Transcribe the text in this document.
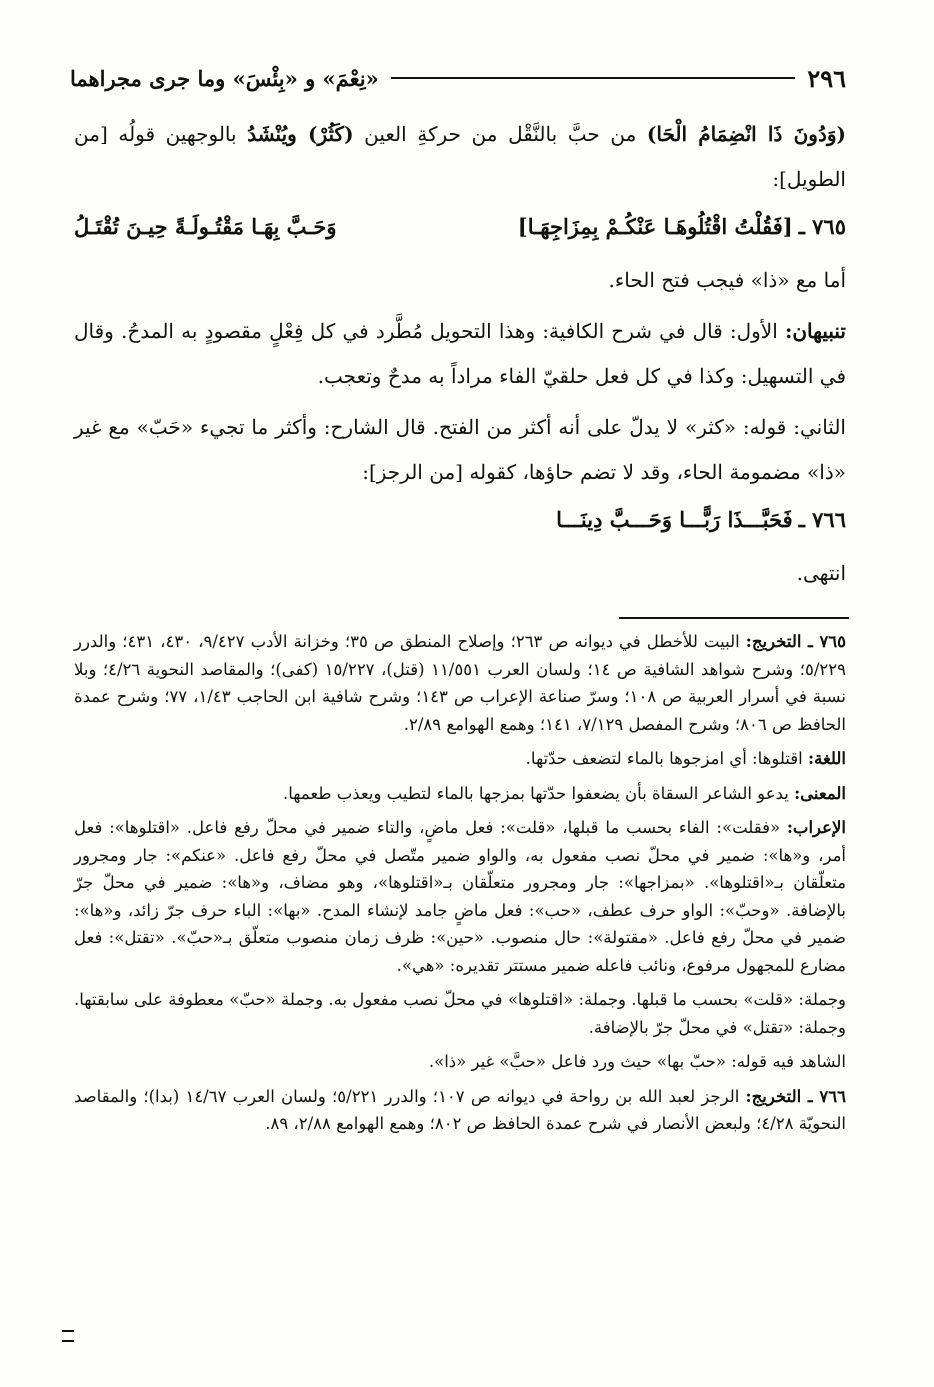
٢٩٦
«نِعْمَ» و «بِئْسَ» وما جرى مجراهما

(وَدُونَ ذَا انْضِمَامُ الْحَا) من حبَّ بالنَّقْل من حركةِ العين (كَثُرْ) ويُنْشَدُ بالوجهين قولُه [من الطويل]:

٧٦٥ ـ
[فَقُلْتُ اقْتُلُوهَـا عَنْكُـمْ بِمِزَاجِهَـا]
وَحَـبَّ بِهَـا مَقْتُـولَـةً حِيـنَ تُقْتَـلُ

أما مع «ذا» فيجب فتح الحاء.

تنبيهان: الأول: قال في شرح الكافية: وهذا التحويل مُطَّرد في كل فِعْلٍ مقصودٍ به المدحُ. وقال في التسهيل: وكذا في كل فعل حلقيّ الفاء مراداً به مدحٌ وتعجب.

الثاني: قوله: «كثر» لا يدلّ على أنه أكثر من الفتح. قال الشارح: وأكثر ما تجيء «حَبّ» مع غير «ذا» مضمومة الحاء، وقد لا تضم حاؤها، كقوله [من الرجز]:

٧٦٦ ـ
فَحَبَّـــذَا رَبًّـــا وَحَـــبَّ دِينَـــا

انتهى.

٧٦٥ ـ التخريج: البيت للأخطل في ديوانه ص ٢٦٣؛ وإصلاح المنطق ص ٣٥؛ وخزانة الأدب ٩/٤٢٧، ٤٣٠، ٤٣١؛ والدرر ٥/٢٢٩؛ وشرح شواهد الشافية ص ١٤؛ ولسان العرب ١١/٥٥١ (قتل)، ١٥/٢٢٧ (كفى)؛ والمقاصد النحوية ٤/٢٦؛ وبلا نسبة في أسرار العربية ص ١٠٨؛ وسرّ صناعة الإعراب ص ١٤٣؛ وشرح شافية ابن الحاجب ١/٤٣، ٧٧؛ وشرح عمدة الحافظ ص ٨٠٦؛ وشرح المفصل ٧/١٢٩، ١٤١؛ وهمع الهوامع ٢/٨٩.

اللغة: اقتلوها: أي امزجوها بالماء لتضعف حدّتها.

المعنى: يدعو الشاعر السقاة بأن يضعفوا حدّتها بمزجها بالماء لتطيب ويعذب طعمها.

الإعراب: «فقلت»: الفاء بحسب ما قبلها، «قلت»: فعل ماضٍ، والتاء ضمير في محلّ رفع فاعل. «اقتلوها»: فعل أمر، و«ها»: ضمير في محلّ نصب مفعول به، والواو ضمير متّصل في محلّ رفع فاعل. «عنكم»: جار ومجرور متعلّقان بـ«اقتلوها». «بمزاجها»: جار ومجرور متعلّقان بـ«اقتلوها»، وهو مضاف، و«ها»: ضمير في محلّ جرّ بالإضافة. «وحبّ»: الواو حرف عطف، «حب»: فعل ماضٍ جامد لإنشاء المدح. «بها»: الباء حرف جرّ زائد، و«ها»: ضمير في محلّ رفع فاعل. «مقتولة»: حال منصوب. «حين»: ظرف زمان منصوب متعلّق بـ«حبّ». «تقتل»: فعل مضارع للمجهول مرفوع، ونائب فاعله ضمير مستتر تقديره: «هي».

وجملة: «قلت» بحسب ما قبلها. وجملة: «اقتلوها» في محلّ نصب مفعول به. وجملة «حبّ» معطوفة على سابقتها. وجملة: «تقتل» في محلّ جرّ بالإضافة.

الشاهد فيه قوله: «حبّ بها» حيث ورد فاعل «حبَّ» غير «ذا».

٧٦٦ ـ التخريج: الرجز لعبد الله بن رواحة في ديوانه ص ١٠٧؛ والدرر ٥/٢٢١؛ ولسان العرب ١٤/٦٧ (بدا)؛ والمقاصد النحويّة ٤/٢٨؛ ولبعض الأنصار في شرح عمدة الحافظ ص ٨٠٢؛ وهمع الهوامع ٢/٨٨، ٨٩.
